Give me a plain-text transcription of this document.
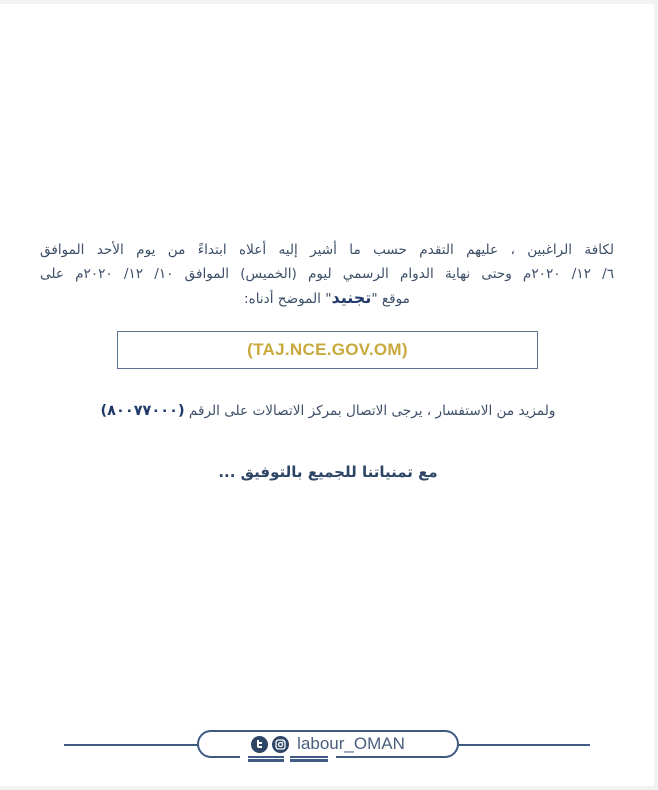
لكافة الراغبين ، عليهم التقدم حسب ما أشير إليه أعلاه ابتداءً من يوم الأحد الموافق
٦/ ١٢/ ٢٠٢٠م وحتى نهاية الدوام الرسمي ليوم (الخميس) الموافق ١٠/ ١٢/ ٢٠٢٠م على
موقع "تجنيد" الموضح أدناه:
(TAJ.NCE.GOV.OM)
ولمزيد من الاستفسار ، يرجى الاتصال بمركز الاتصالات على الرقم (٨٠٠٧٧٠٠٠)
مع تمنياتنا للجميع بالتوفيق ...
labour_OMAN
